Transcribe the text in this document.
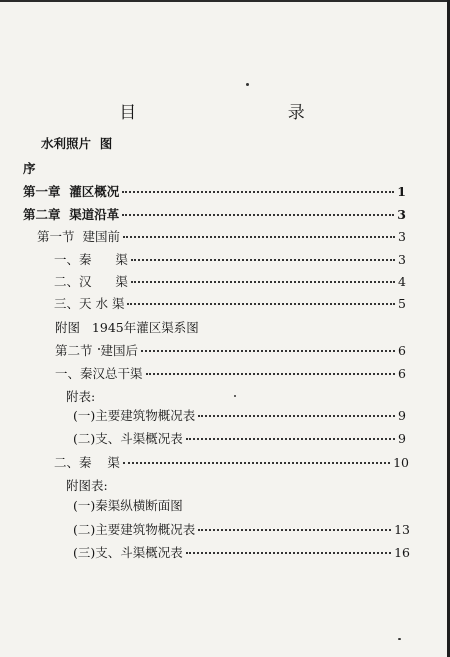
目    录
水利照片  图
序
第一章  灌区概况	1
第二章  渠道沿革	3
第一节  建国前	3
一、秦      渠	3
二、汉      渠	4
三、天 水 渠	5
附图   1945年灌区渠系图
第二节  建国后	6
一、秦汉总干渠	6
附表:
(一)主要建筑物概况表	9
(二)支、斗渠概况表	9
二、秦    渠	10
附图表:
(一)秦渠纵横断面图
(二)主要建筑物概况表	13
(三)支、斗渠概况表	16
